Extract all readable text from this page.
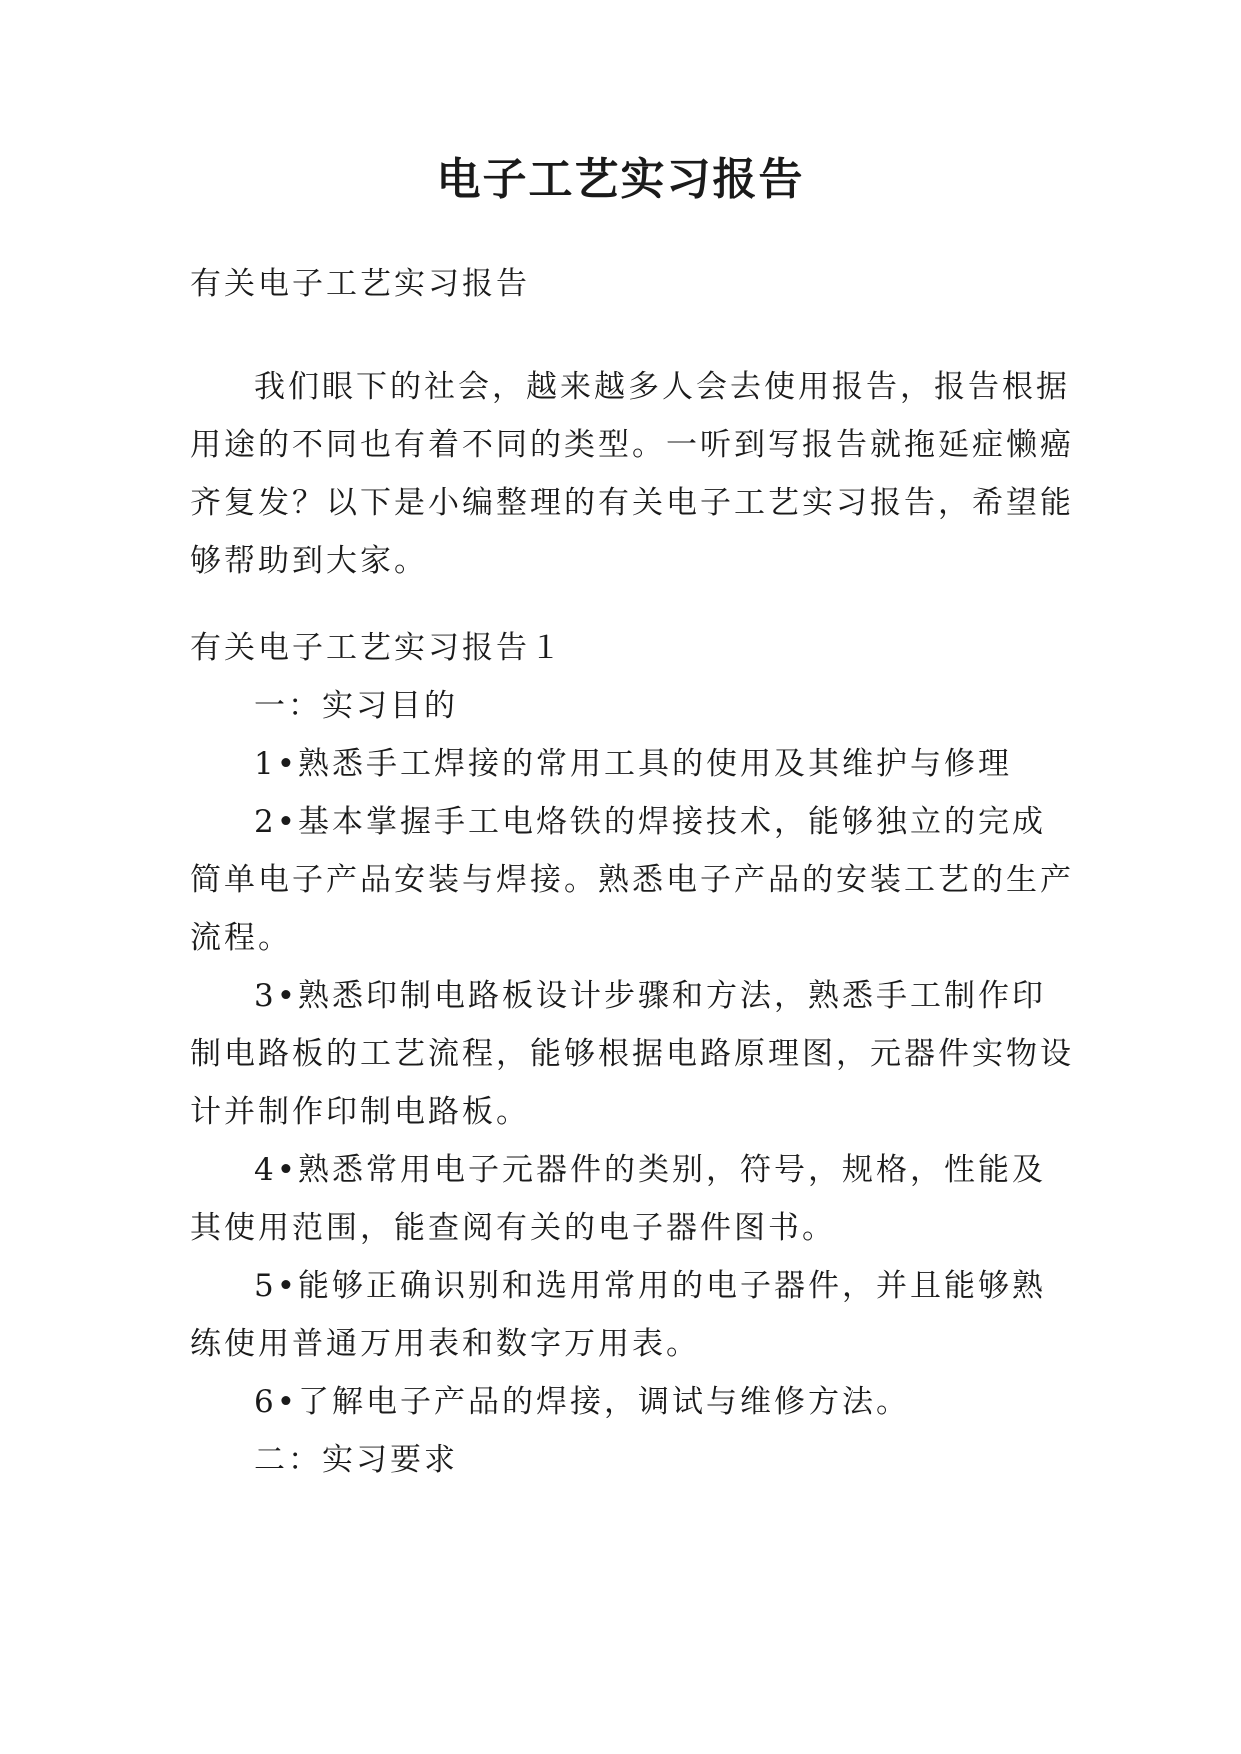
电子工艺实习报告
有关电子工艺实习报告
我们眼下的社会，越来越多人会去使用报告，报告根据
用途的不同也有着不同的类型。一听到写报告就拖延症懒癌
齐复发？以下是小编整理的有关电子工艺实习报告，希望能
够帮助到大家。
有关电子工艺实习报告１
一：实习目的
1•熟悉手工焊接的常用工具的使用及其维护与修理
2•基本掌握手工电烙铁的焊接技术，能够独立的完成
简单电子产品安装与焊接。熟悉电子产品的安装工艺的生产
流程。
3•熟悉印制电路板设计步骤和方法，熟悉手工制作印
制电路板的工艺流程，能够根据电路原理图，元器件实物设
计并制作印制电路板。
4•熟悉常用电子元器件的类别，符号，规格，性能及
其使用范围，能查阅有关的电子器件图书。
5•能够正确识别和选用常用的电子器件，并且能够熟
练使用普通万用表和数字万用表。
6•了解电子产品的焊接，调试与维修方法。
二：实习要求
